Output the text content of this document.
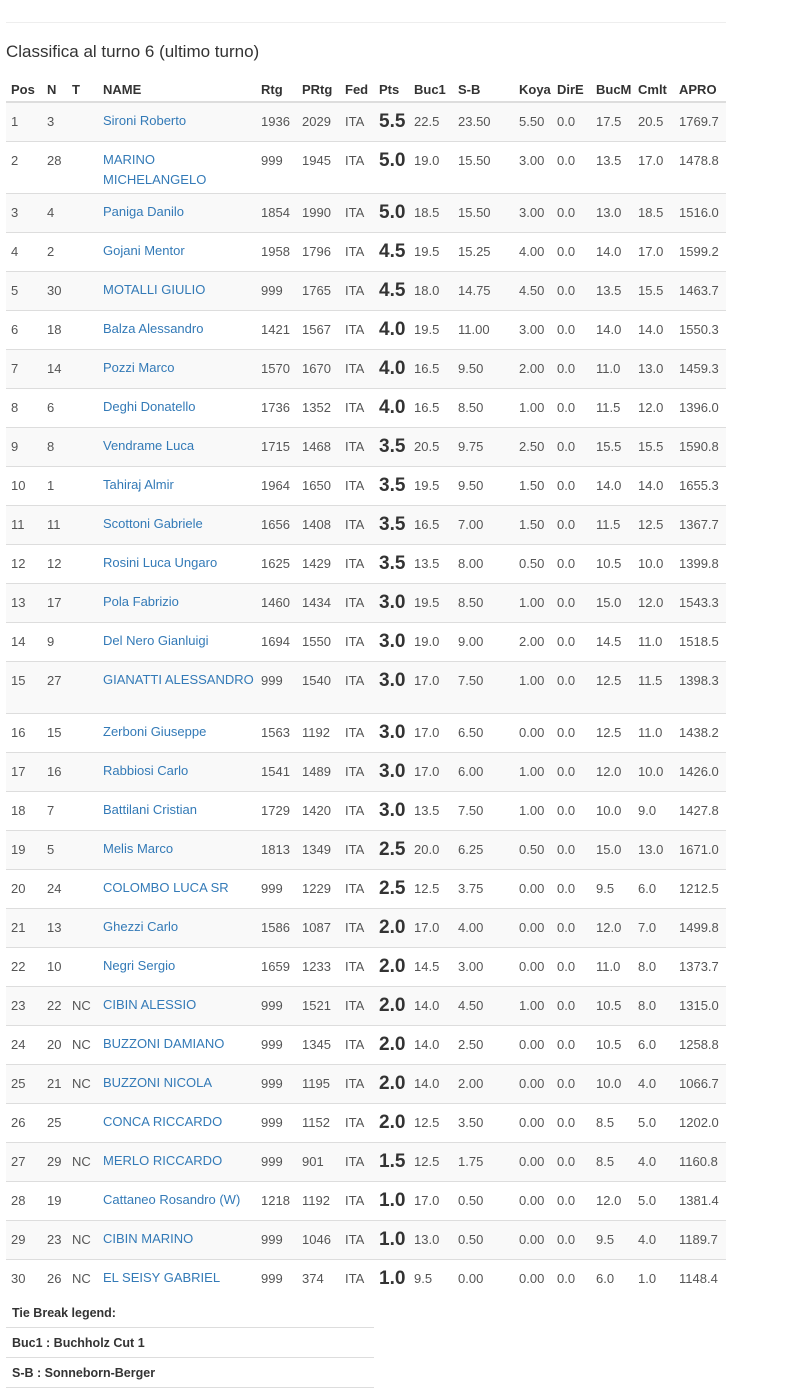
Classifica al turno 6 (ultimo turno)
Pos	N	T	NAME	Rtg	PRtg	Fed	Pts	Buc1	S-B	Koya	DirE	BucM	Cmlt	APRO
1	3		Sironi Roberto	1936	2029	ITA	5.5	22.5	23.50	5.50	0.0	17.5	20.5	1769.7
2	28		MARINO MICHELANGELO	999	1945	ITA	5.0	19.0	15.50	3.00	0.0	13.5	17.0	1478.8
3	4		Paniga Danilo	1854	1990	ITA	5.0	18.5	15.50	3.00	0.0	13.0	18.5	1516.0
4	2		Gojani Mentor	1958	1796	ITA	4.5	19.5	15.25	4.00	0.0	14.0	17.0	1599.2
5	30		MOTALLI GIULIO	999	1765	ITA	4.5	18.0	14.75	4.50	0.0	13.5	15.5	1463.7
6	18		Balza Alessandro	1421	1567	ITA	4.0	19.5	11.00	3.00	0.0	14.0	14.0	1550.3
7	14		Pozzi Marco	1570	1670	ITA	4.0	16.5	9.50	2.00	0.0	11.0	13.0	1459.3
8	6		Deghi Donatello	1736	1352	ITA	4.0	16.5	8.50	1.00	0.0	11.5	12.0	1396.0
9	8		Vendrame Luca	1715	1468	ITA	3.5	20.5	9.75	2.50	0.0	15.5	15.5	1590.8
10	1		Tahiraj Almir	1964	1650	ITA	3.5	19.5	9.50	1.50	0.0	14.0	14.0	1655.3
11	11		Scottoni Gabriele	1656	1408	ITA	3.5	16.5	7.00	1.50	0.0	11.5	12.5	1367.7
12	12		Rosini Luca Ungaro	1625	1429	ITA	3.5	13.5	8.00	0.50	0.0	10.5	10.0	1399.8
13	17		Pola Fabrizio	1460	1434	ITA	3.0	19.5	8.50	1.00	0.0	15.0	12.0	1543.3
14	9		Del Nero Gianluigi	1694	1550	ITA	3.0	19.0	9.00	2.00	0.0	14.5	11.0	1518.5
15	27		GIANATTI ALESSANDRO	999	1540	ITA	3.0	17.0	7.50	1.00	0.0	12.5	11.5	1398.3
16	15		Zerboni Giuseppe	1563	1192	ITA	3.0	17.0	6.50	0.00	0.0	12.5	11.0	1438.2
17	16		Rabbiosi Carlo	1541	1489	ITA	3.0	17.0	6.00	1.00	0.0	12.0	10.0	1426.0
18	7		Battilani Cristian	1729	1420	ITA	3.0	13.5	7.50	1.00	0.0	10.0	9.0	1427.8
19	5		Melis Marco	1813	1349	ITA	2.5	20.0	6.25	0.50	0.0	15.0	13.0	1671.0
20	24		COLOMBO LUCA SR	999	1229	ITA	2.5	12.5	3.75	0.00	0.0	9.5	6.0	1212.5
21	13		Ghezzi Carlo	1586	1087	ITA	2.0	17.0	4.00	0.00	0.0	12.0	7.0	1499.8
22	10		Negri Sergio	1659	1233	ITA	2.0	14.5	3.00	0.00	0.0	11.0	8.0	1373.7
23	22	NC	CIBIN ALESSIO	999	1521	ITA	2.0	14.0	4.50	1.00	0.0	10.5	8.0	1315.0
24	20	NC	BUZZONI DAMIANO	999	1345	ITA	2.0	14.0	2.50	0.00	0.0	10.5	6.0	1258.8
25	21	NC	BUZZONI NICOLA	999	1195	ITA	2.0	14.0	2.00	0.00	0.0	10.0	4.0	1066.7
26	25		CONCA RICCARDO	999	1152	ITA	2.0	12.5	3.50	0.00	0.0	8.5	5.0	1202.0
27	29	NC	MERLO RICCARDO	999	901	ITA	1.5	12.5	1.75	0.00	0.0	8.5	4.0	1160.8
28	19		Cattaneo Rosandro (W)	1218	1192	ITA	1.0	17.0	0.50	0.00	0.0	12.0	5.0	1381.4
29	23	NC	CIBIN MARINO	999	1046	ITA	1.0	13.0	0.50	0.00	0.0	9.5	4.0	1189.7
30	26	NC	EL SEISY GABRIEL	999	374	ITA	1.0	9.5	0.00	0.00	0.0	6.0	1.0	1148.4
Tie Break legend:
Buc1 : Buchholz Cut 1
S-B : Sonneborn-Berger
